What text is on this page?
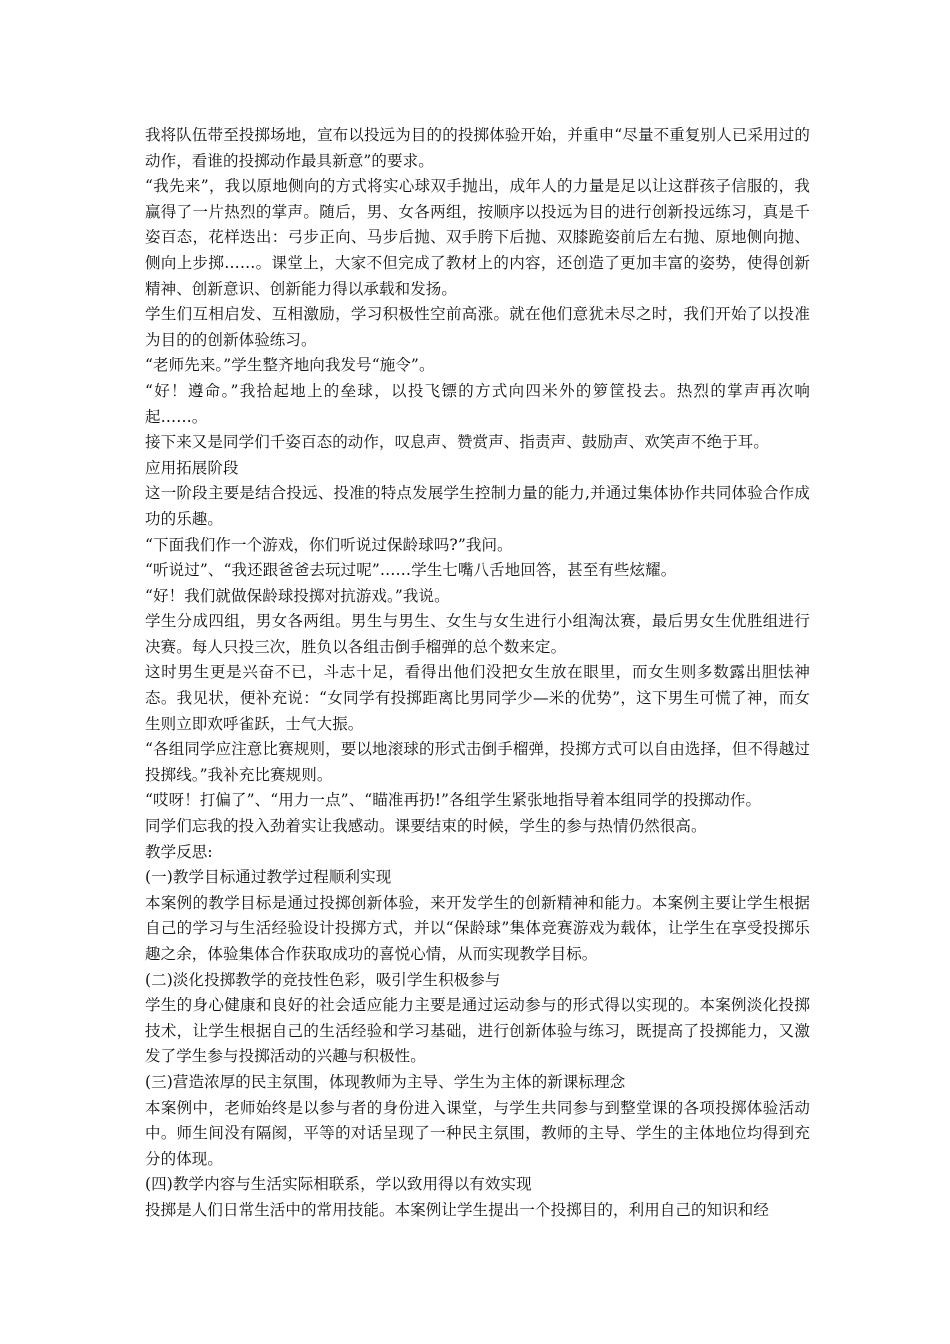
我将队伍带至投掷场地，宣布以投远为目的的投掷体验开始，并重申“尽量不重复别人已采用过的动作，看谁的投掷动作最具新意”的要求。

“我先来”，我以原地侧向的方式将实心球双手抛出，成年人的力量是足以让这群孩子信服的，我赢得了一片热烈的掌声。随后，男、女各两组，按顺序以投远为目的进行创新投远练习，真是千姿百态，花样迭出：弓步正向、马步后抛、双手胯下后抛、双膝跪姿前后左右抛、原地侧向抛、侧向上步掷……。课堂上，大家不但完成了教材上的内容，还创造了更加丰富的姿势，使得创新精神、创新意识、创新能力得以承载和发扬。

学生们互相启发、互相激励，学习积极性空前高涨。就在他们意犹未尽之时，我们开始了以投准为目的的创新体验练习。

“老师先来。”学生整齐地向我发号“施令”。

“好！遵命。”我拾起地上的垒球，以投飞镖的方式向四米外的箩筐投去。热烈的掌声再次响起……。

接下来又是同学们千姿百态的动作，叹息声、赞赏声、指责声、鼓励声、欢笑声不绝于耳。

应用拓展阶段

这一阶段主要是结合投远、投准的特点发展学生控制力量的能力,并通过集体协作共同体验合作成功的乐趣。

“下面我们作一个游戏，你们听说过保龄球吗?”我问。

“听说过”、“我还跟爸爸去玩过呢”……学生七嘴八舌地回答，甚至有些炫耀。

“好！我们就做保龄球投掷对抗游戏。”我说。

学生分成四组，男女各两组。男生与男生、女生与女生进行小组淘汰赛，最后男女生优胜组进行决赛。每人只投三次，胜负以各组击倒手榴弹的总个数来定。

这时男生更是兴奋不已，斗志十足，看得出他们没把女生放在眼里，而女生则多数露出胆怯神态。我见状，便补充说：“女同学有投掷距离比男同学少—米的优势”，这下男生可慌了神，而女生则立即欢呼雀跃，士气大振。

“各组同学应注意比赛规则，要以地滚球的形式击倒手榴弹，投掷方式可以自由选择，但不得越过投掷线。”我补充比赛规则。

“哎呀！打偏了”、“用力一点”、“瞄准再扔!”各组学生紧张地指导着本组同学的投掷动作。

同学们忘我的投入劲着实让我感动。课要结束的时候，学生的参与热情仍然很高。

教学反思:

(一)教学目标通过教学过程顺利实现

本案例的教学目标是通过投掷创新体验，来开发学生的创新精神和能力。本案例主要让学生根据自己的学习与生活经验设计投掷方式，并以“保龄球”集体竞赛游戏为载体，让学生在享受投掷乐趣之余，体验集体合作获取成功的喜悦心情，从而实现教学目标。

(二)淡化投掷教学的竞技性色彩，吸引学生积极参与

学生的身心健康和良好的社会适应能力主要是通过运动参与的形式得以实现的。本案例淡化投掷技术，让学生根据自己的生活经验和学习基础，进行创新体验与练习，既提高了投掷能力，又激发了学生参与投掷活动的兴趣与积极性。

(三)营造浓厚的民主氛围，体现教师为主导、学生为主体的新课标理念

本案例中，老师始终是以参与者的身份进入课堂，与学生共同参与到整堂课的各项投掷体验活动中。师生间没有隔阂，平等的对话呈现了一种民主氛围，教师的主导、学生的主体地位均得到充分的体现。

(四)教学内容与生活实际相联系，学以致用得以有效实现

投掷是人们日常生活中的常用技能。本案例让学生提出一个投掷目的，利用自己的知识和经
